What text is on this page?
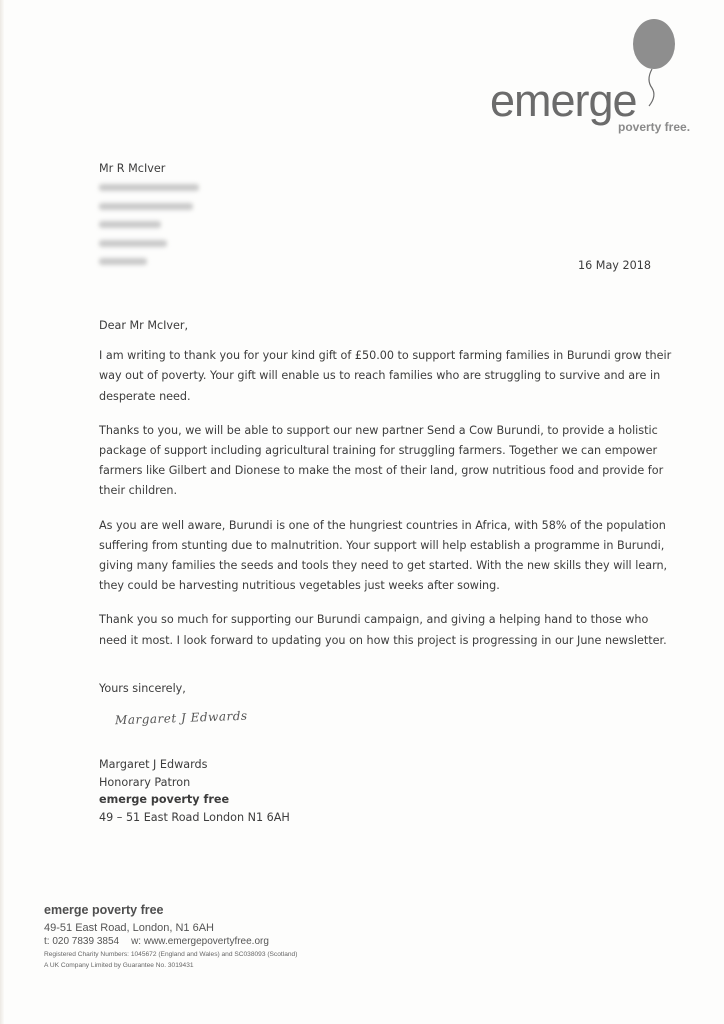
emerge
poverty free.
Mr R McIver
16 May 2018

Dear Mr McIver,

I am writing to thank you for your kind gift of £50.00 to support farming families in Burundi grow their way out of poverty. Your gift will enable us to reach families who are struggling to survive and are in desperate need.

Thanks to you, we will be able to support our new partner Send a Cow Burundi, to provide a holistic package of support including agricultural training for struggling farmers. Together we can empower farmers like Gilbert and Dionese to make the most of their land, grow nutritious food and provide for their children.

As you are well aware, Burundi is one of the hungriest countries in Africa, with 58% of the population suffering from stunting due to malnutrition. Your support will help establish a programme in Burundi, giving many families the seeds and tools they need to get started. With the new skills they will learn, they could be harvesting nutritious vegetables just weeks after sowing.

Thank you so much for supporting our Burundi campaign, and giving a helping hand to those who need it most. I look forward to updating you on how this project is progressing in our June newsletter.

Yours sincerely,
Margaret J Edwards
Margaret J Edwards
Honorary Patron
emerge poverty free
49 – 51 East Road London N1 6AH
emerge poverty free
49-51 East Road, London, N1 6AH
t: 020 7839 3854 w: www.emergepovertyfree.org
Registered Charity Numbers: 1045672 (England and Wales) and SC038093 (Scotland)
A UK Company Limited by Guarantee No. 3019431
